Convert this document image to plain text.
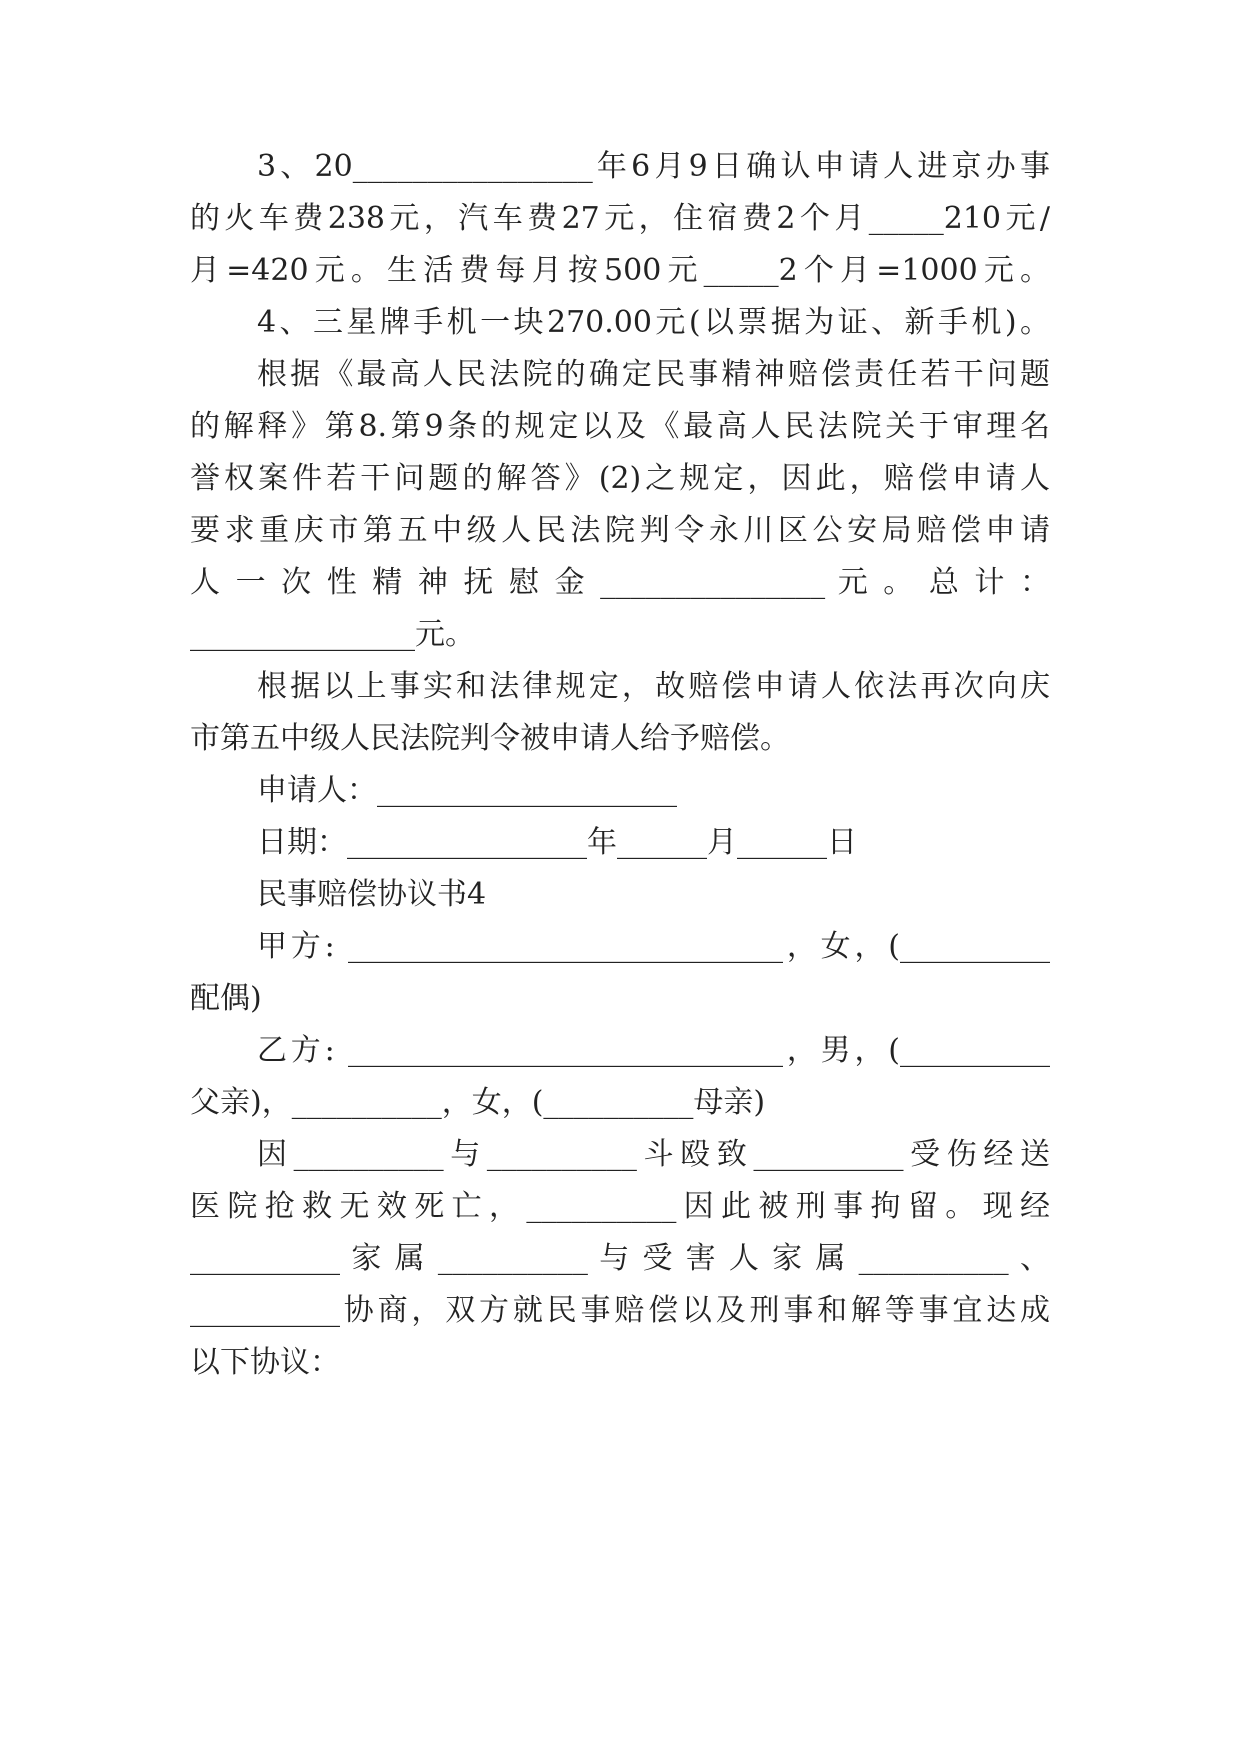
3、20________________年6月9日确认申请人进京办事
的火车费238元，汽车费27元，住宿费2个月_____210元/
月=420元。生活费每月按500元_____2个月=1000元。
4、三星牌手机一块270.00元(以票据为证、新手机)。
根据《最高人民法院的确定民事精神赔偿责任若干问题
的解释》第8.第9条的规定以及《最高人民法院关于审理名
誉权案件若干问题的解答》(2)之规定，因此，赔偿申请人
要求重庆市第五中级人民法院判令永川区公安局赔偿申请
人 一 次 性 精 神 抚 慰 金 _______________ 元 。 总 计 ：
_______________元。
根据以上事实和法律规定，故赔偿申请人依法再次向庆
市第五中级人民法院判令被申请人给予赔偿。
申请人：____________________
日期：________________年______月______日
民事赔偿协议书4
甲方: _____________________________，女，(__________
配偶)
乙方: _____________________________，男，(__________
父亲)，__________，女，(__________母亲)
因__________与__________斗殴致__________受伤经送
医院抢救无效死亡，__________因此被刑事拘留。现经
__________ 家 属 __________ 与 受 害 人 家 属 __________ 、
__________协商，双方就民事赔偿以及刑事和解等事宜达成
以下协议：
